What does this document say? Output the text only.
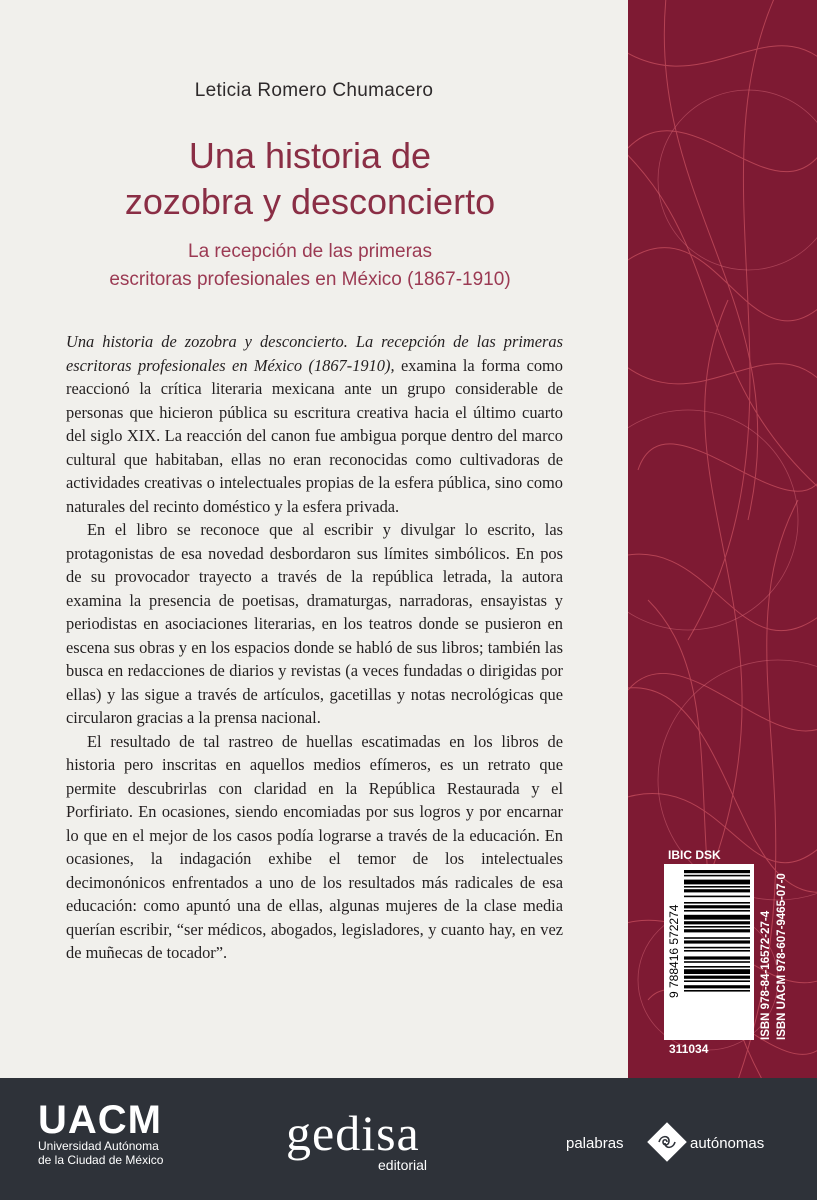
Leticia Romero Chumacero
Una historia de
zozobra y desconcierto
La recepción de las primeras
escritoras profesionales en México (1867-1910)

Una historia de zozobra y desconcierto. La recepción de las primeras escritoras profesionales en México (1867-1910), examina la forma como reaccionó la crítica literaria mexicana ante un grupo considerable de personas que hicieron pública su escritura creativa hacia el último cuarto del siglo XIX. La reacción del canon fue ambigua porque dentro del marco cultural que habitaban, ellas no eran reconocidas como cultivadoras de actividades creativas o intelectuales propias de la esfera pública, sino como naturales del recinto doméstico y la esfera privada.

En el libro se reconoce que al escribir y divulgar lo escrito, las protagonistas de esa novedad desbordaron sus límites simbólicos. En pos de su provocador trayecto a través de la república letrada, la autora examina la presencia de poetisas, dramaturgas, narradoras, ensayistas y periodistas en asociaciones literarias, en los teatros donde se pusieron en escena sus obras y en los espacios donde se habló de sus libros; también las busca en redacciones de diarios y revistas (a veces fundadas o dirigidas por ellas) y las sigue a través de artículos, gacetillas y notas necrológicas que circularon gracias a la prensa nacional.

El resultado de tal rastreo de huellas escatimadas en los libros de historia pero inscritas en aquellos medios efímeros, es un retrato que permite descubrirlas con claridad en la República Restaurada y el Porfiriato. En ocasiones, siendo encomiadas por sus logros y por encarnar lo que en el mejor de los casos podía lograrse a través de la educación. En ocasiones, la indagación exhibe el temor de los intelectuales decimonónicos enfrentados a uno de los resultados más radicales de esa educación: como apuntó una de ellas, algunas mujeres de la clase media querían escribir, “ser médicos, abogados, legisladores, y cuanto hay, en vez de muñecas de tocador”.

IBIC DSK
9 788416 572274	ISBN 978-84-16572-27-4 ISBN UACM 978-607-9465-07-0
311034
UACM
Universidad Autónoma
de la Ciudad de México	gedisa
editorial
palabras	autónomas
